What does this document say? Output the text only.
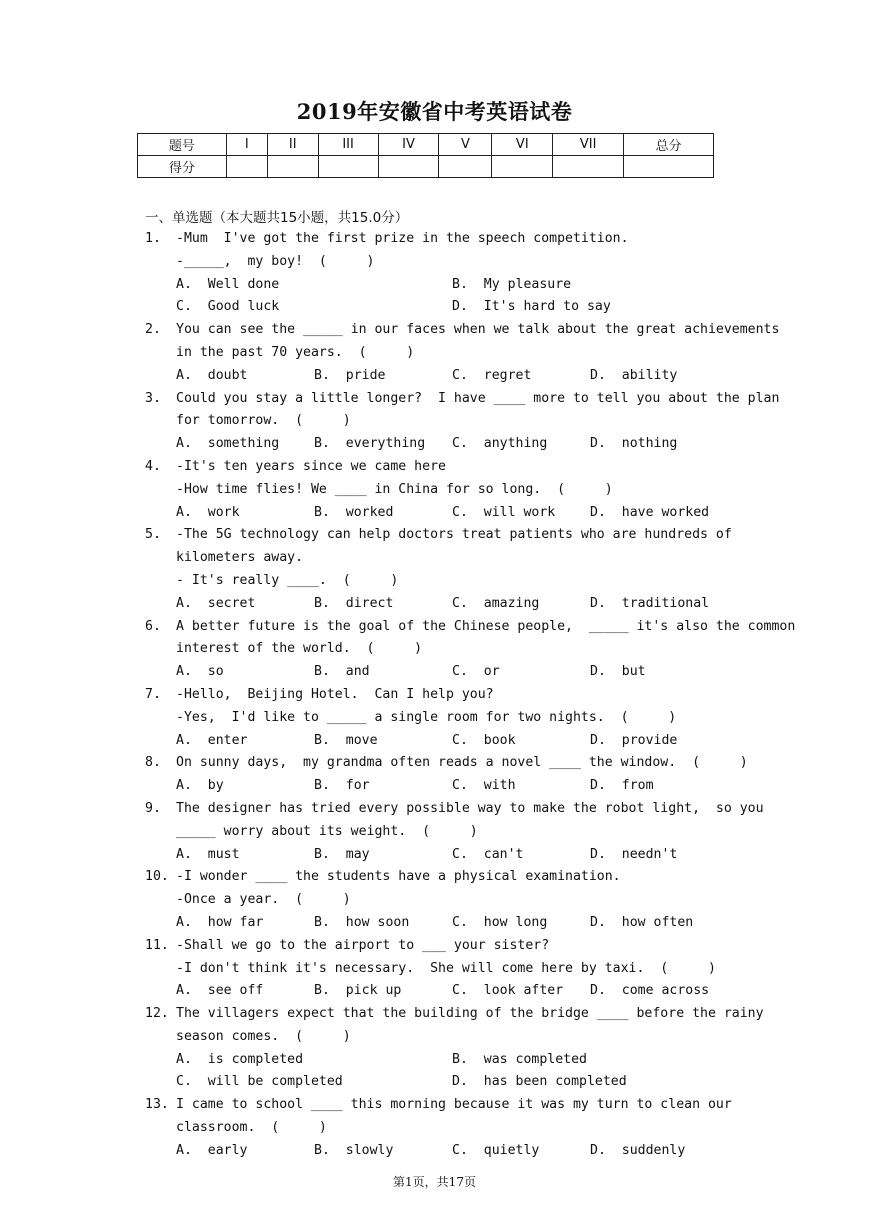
2019年安徽省中考英语试卷
题号	I	II	III	IV	V	VI	VII	总分
得分								
一、单选题（本大题共15小题，共15.0分）
1.	-Mum  I've got the first prize in the speech competition.
-_____,  my boy!  (     )
A.  Well done	B.  My pleasure
C.  Good luck	D.  It's hard to say
2.	You can see the _____ in our faces when we talk about the great achievements
in the past 70 years.  (     )
A.  doubt	B.  pride	C.  regret	D.  ability
3.	Could you stay a little longer?  I have ____ more to tell you about the plan
for tomorrow.  (     )
A.  something	B.  everything	C.  anything	D.  nothing
4.	-It's ten years since we came here
-How time flies! We ____ in China for so long.  (     )
A.  work	B.  worked	C.  will work	D.  have worked
5.	-The 5G technology can help doctors treat patients who are hundreds of
kilometers away.
- It's really ____.  (     )
A.  secret	B.  direct	C.  amazing	D.  traditional
6.	A better future is the goal of the Chinese people,  _____ it's also the common
interest of the world.  (     )
A.  so	B.  and	C.  or	D.  but
7.	-Hello,  Beijing Hotel.  Can I help you?
-Yes,  I'd like to _____ a single room for two nights.  (     )
A.  enter	B.  move	C.  book	D.  provide
8.	On sunny days,  my grandma often reads a novel ____ the window.  (     )
A.  by	B.  for	C.  with	D.  from
9.	The designer has tried every possible way to make the robot light,  so you
_____ worry about its weight.  (     )
A.  must	B.  may	C.  can't	D.  needn't
10. -I wonder ____ the students have a physical examination.
-Once a year.  (     )
A.  how far	B.  how soon	C.  how long	D.  how often
11. -Shall we go to the airport to ___ your sister?
-I don't think it's necessary.  She will come here by taxi.  (     )
A.  see off	B.  pick up	C.  look after	D.  come across
12. The villagers expect that the building of the bridge ____ before the rainy
season comes.  (     )
A.  is completed	B.  was completed
C.  will be completed	D.  has been completed
13. I came to school ____ this morning because it was my turn to clean our
classroom.  (     )
A.  early	B.  slowly	C.  quietly	D.  suddenly
第1页，共17页
